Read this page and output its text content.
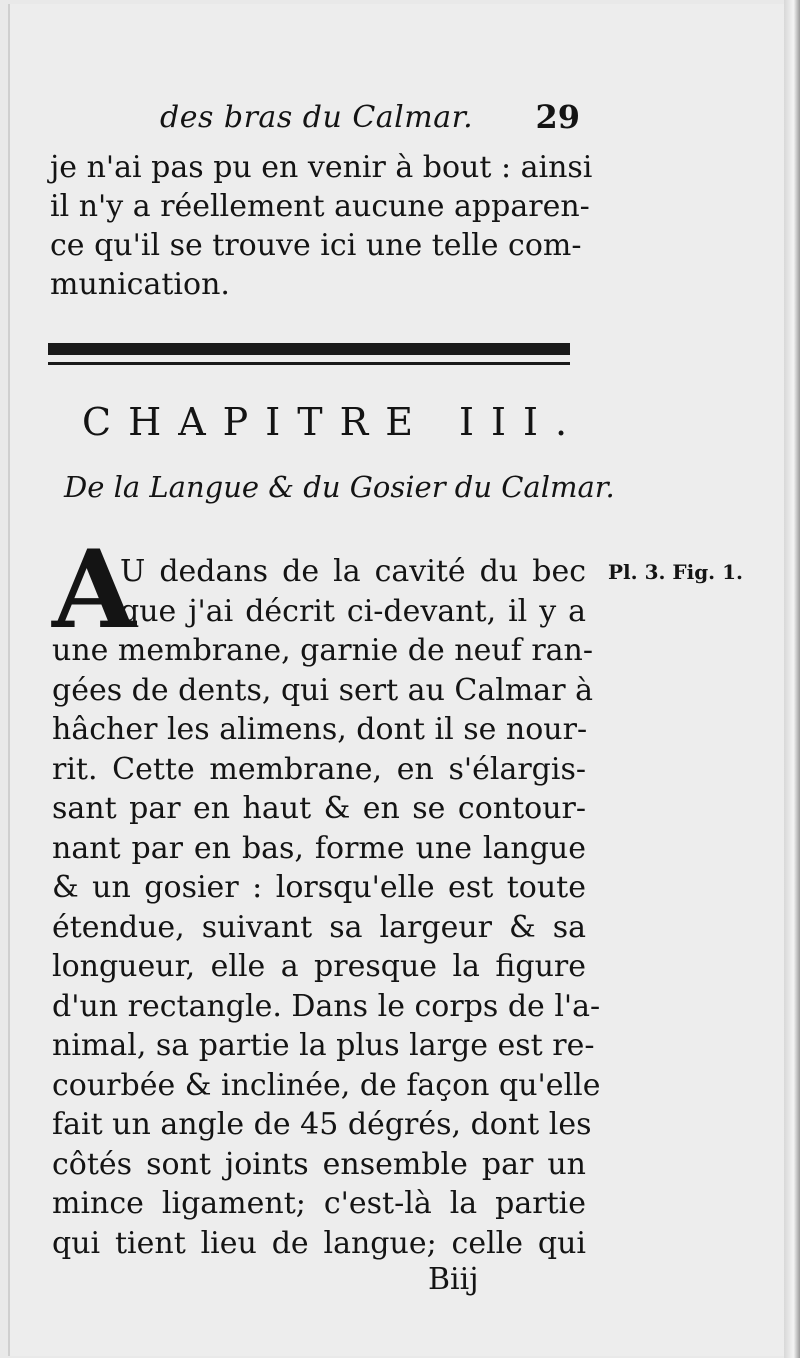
des bras du Calmar. 29
je n'ai pas pu en venir à bout : ainsi
il n'y a réellement aucune apparen-
ce qu'il se trouve ici une telle com-
munication.
CHAPITRE III.
De la Langue & du Gosier du Calmar.
A
U dedans de la cavité du bec
que j'ai décrit ci-devant, il y a
une membrane, garnie de neuf ran-
gées de dents, qui sert au Calmar à
hâcher les alimens, dont il se nour-
rit. Cette membrane, en s'élargis-
sant par en haut & en se contour-
nant par en bas, forme une langue
& un gosier : lorsqu'elle est toute
étendue, suivant sa largeur & sa
longueur, elle a presque la figure
d'un rectangle. Dans le corps de l'a-
nimal, sa partie la plus large est re-
courbée & inclinée, de façon qu'elle
fait un angle de 45 dégrés, dont les
côtés sont joints ensemble par un
mince ligament; c'est-là la partie
qui tient lieu de langue; celle qui
Pl. 3. Fig. 1.
Biij
